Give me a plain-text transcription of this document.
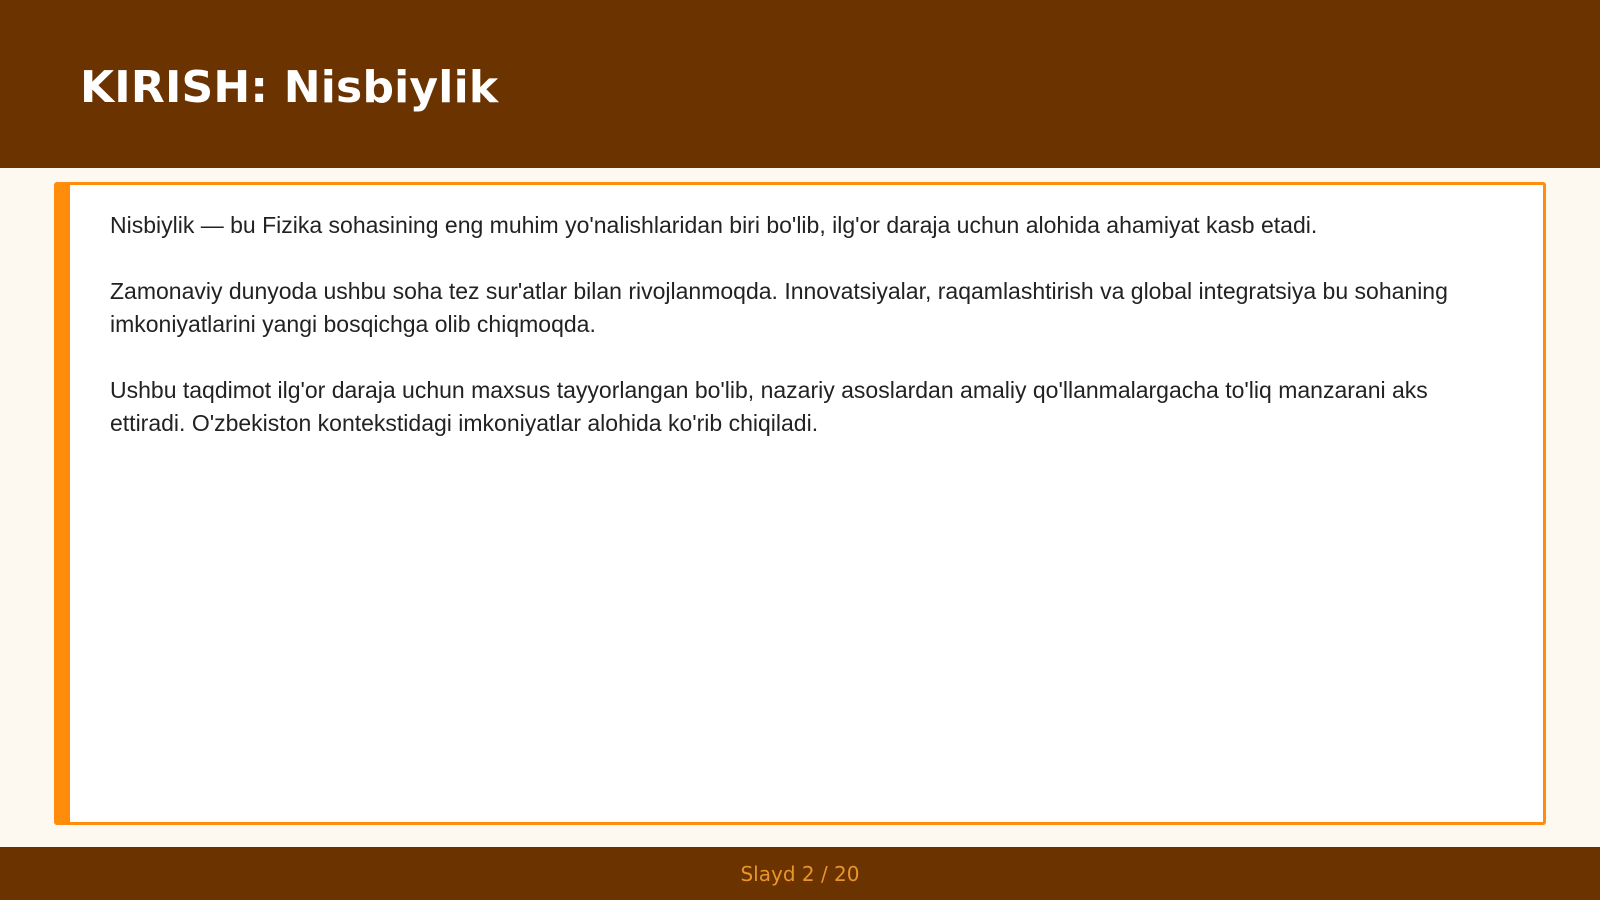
KIRISH: Nisbiylik

Nisbiylik — bu Fizika sohasining eng muhim yo'nalishlaridan biri bo'lib, ilg'or daraja uchun alohida ahamiyat kasb etadi.

Zamonaviy dunyoda ushbu soha tez sur'atlar bilan rivojlanmoqda. Innovatsiyalar, raqamlashtirish va global integratsiya bu sohaning imkoniyatlarini yangi bosqichga olib chiqmoqda.

Ushbu taqdimot ilg'or daraja uchun maxsus tayyorlangan bo'lib, nazariy asoslardan amaliy qo'llanmalargacha to'liq manzarani aks ettiradi. O'zbekiston kontekstidagi imkoniyatlar alohida ko'rib chiqiladi.

Slayd 2 / 20
